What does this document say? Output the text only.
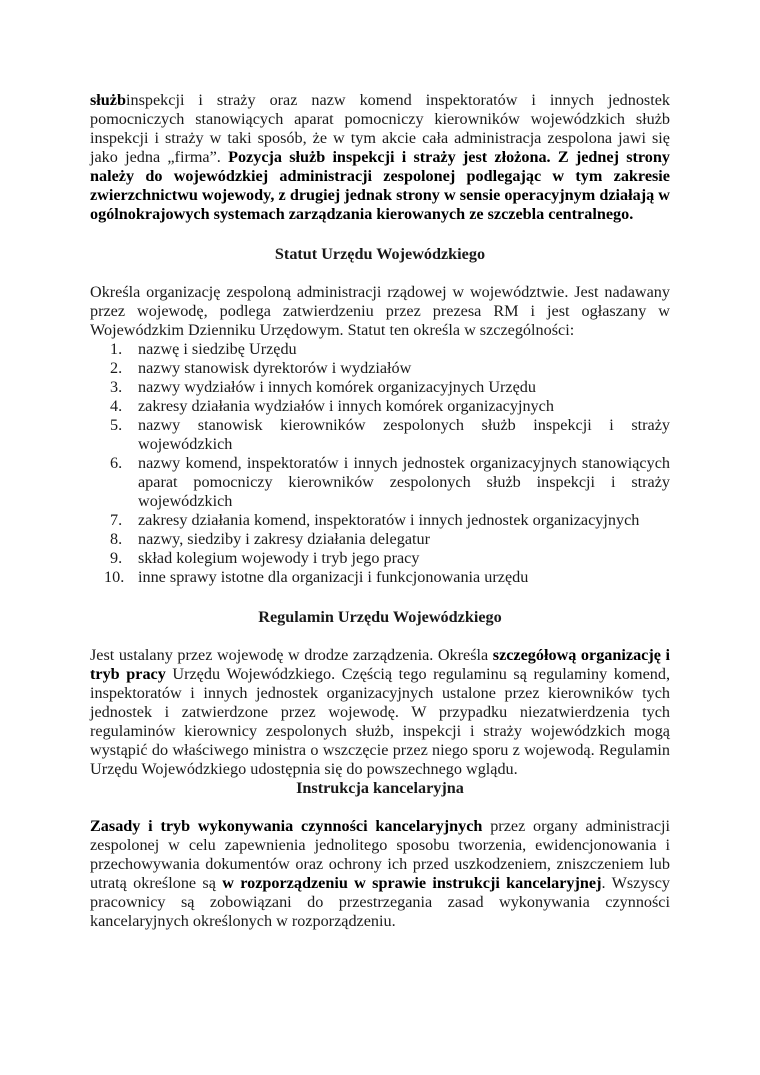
służbinspekcji i straży oraz nazw komend inspektoratów i innych jednostek pomocniczych stanowiących aparat pomocniczy kierowników wojewódzkich służb inspekcji i straży w taki sposób, że w tym akcie cała administracja zespolona jawi się jako jedna „firma”. Pozycja służb inspekcji i straży jest złożona. Z jednej strony należy do wojewódzkiej administracji zespolonej podlegając w tym zakresie zwierzchnictwu wojewody, z drugiej jednak strony w sensie operacyjnym działają w ogólnokrajowych systemach zarządzania kierowanych ze szczebla centralnego.

Statut Urzędu Wojewódzkiego

Określa organizację zespoloną administracji rządowej w województwie. Jest nadawany przez wojewodę, podlega zatwierdzeniu przez prezesa RM i jest ogłaszany w Wojewódzkim Dzienniku Urzędowym. Statut ten określa w szczególności:

1. nazwę i siedzibę Urzędu
2. nazwy stanowisk dyrektorów i wydziałów
3. nazwy wydziałów i innych komórek organizacyjnych Urzędu
4. zakresy działania wydziałów i innych komórek organizacyjnych
5. nazwy stanowisk kierowników zespolonych służb inspekcji i straży wojewódzkich
6. nazwy komend, inspektoratów i innych jednostek organizacyjnych stanowiących aparat pomocniczy kierowników zespolonych służb inspekcji i straży wojewódzkich
7. zakresy działania komend, inspektoratów i innych jednostek organizacyjnych
8. nazwy, siedziby i zakresy działania delegatur
9. skład kolegium wojewody i tryb jego pracy
10. inne sprawy istotne dla organizacji i funkcjonowania urzędu
Regulamin Urzędu Wojewódzkiego

Jest ustalany przez wojewodę w drodze zarządzenia. Określa szczegółową organizację i tryb pracy Urzędu Wojewódzkiego. Częścią tego regulaminu są regulaminy komend, inspektoratów i innych jednostek organizacyjnych ustalone przez kierowników tych jednostek i zatwierdzone przez wojewodę. W przypadku niezatwierdzenia tych regulaminów kierownicy zespolonych służb, inspekcji i straży wojewódzkich mogą wystąpić do właściwego ministra o wszczęcie przez niego sporu z wojewodą. Regulamin Urzędu Wojewódzkiego udostępnia się do powszechnego wglądu.

Instrukcja kancelaryjna

Zasady i tryb wykonywania czynności kancelaryjnych przez organy administracji zespolonej w celu zapewnienia jednolitego sposobu tworzenia, ewidencjonowania i przechowywania dokumentów oraz ochrony ich przed uszkodzeniem, zniszczeniem lub utratą określone są w rozporządzeniu w sprawie instrukcji kancelaryjnej. Wszyscy pracownicy są zobowiązani do przestrzegania zasad wykonywania czynności kancelaryjnych określonych w rozporządzeniu.
